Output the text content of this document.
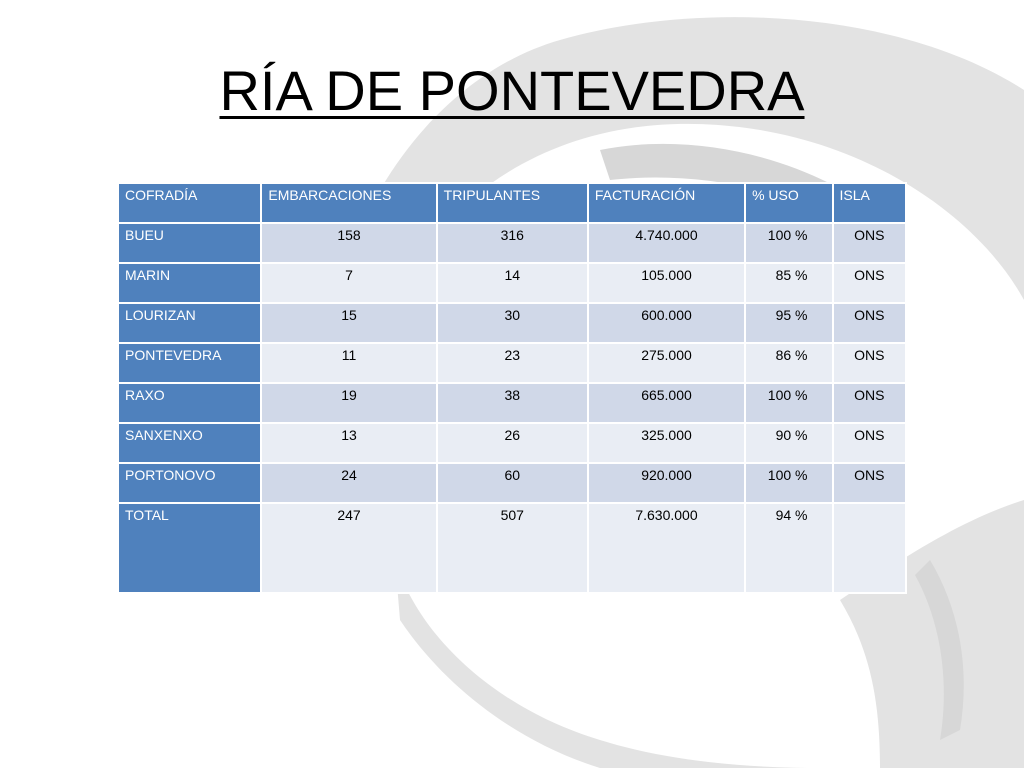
RÍA DE PONTEVEDRA
COFRADÍA	EMBARCACIONES	TRIPULANTES	FACTURACIÓN	% USO	ISLA
BUEU	158	316	4.740.000	100 %	ONS
MARIN	7	14	105.000	85 %	ONS
LOURIZAN	15	30	600.000	95 %	ONS
PONTEVEDRA	11	23	275.000	86 %	ONS
RAXO	19	38	665.000	100 %	ONS
SANXENXO	13	26	325.000	90 %	ONS
PORTONOVO	24	60	920.000	100 %	ONS
TOTAL	247	507	7.630.000	94 %	
